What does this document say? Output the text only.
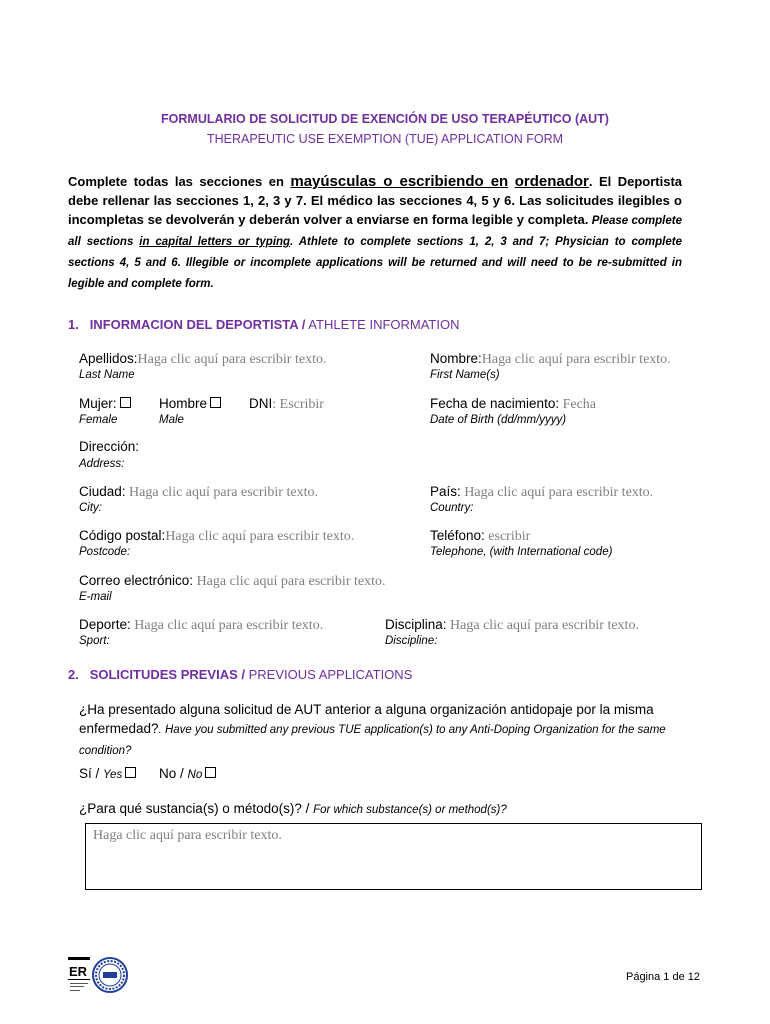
FORMULARIO DE SOLICITUD DE EXENCIÓN DE USO TERAPÉUTICO (AUT)
THERAPEUTIC USE EXEMPTION (TUE) APPLICATION FORM
Complete todas las secciones en mayúsculas o escribiendo en ordenador. El Deportista debe rellenar las secciones 1, 2, 3 y 7. El médico las secciones 4, 5 y 6. Las solicitudes ilegibles o incompletas se devolverán y deberán volver a enviarse en forma legible y completa. Please complete all sections in capital letters or typing. Athlete to complete sections 1, 2, 3 and 7; Physician to complete sections 4, 5 and 6. Illegible or incomplete applications will be returned and will need to be re-submitted in legible and complete form.
1. INFORMACION DEL DEPORTISTA / ATHLETE INFORMATION
Apellidos:Haga clic aquí para escribir texto.
Last Name
Nombre:Haga clic aquí para escribir texto.
First Name(s)
Mujer:
Female
Hombre
Male
DNI: Escribir	Fecha de nacimiento: Fecha
Date of Birth (dd/mm/yyyy)
Dirección:
Address:
Ciudad: Haga clic aquí para escribir texto.
City:
País: Haga clic aquí para escribir texto.
Country:
Código postal:Haga clic aquí para escribir texto.
Postcode:
Teléfono: escribir
Telephone, (with International code)
Correo electrónico: Haga clic aquí para escribir texto.
E-mail
Deporte: Haga clic aquí para escribir texto.
Sport:
Disciplina: Haga clic aquí para escribir texto.
Discipline:
2. SOLICITUDES PREVIAS / PREVIOUS APPLICATIONS
¿Ha presentado alguna solicitud de AUT anterior a alguna organización antidopaje por la misma enfermedad?. Have you submitted any previous TUE application(s) to any Anti-Doping Organization for the same condition?
Sí / Yes	No / No
¿Para qué sustancia(s) o método(s)? / For which substance(s) or method(s)?
Haga clic aquí para escribir texto.
ER	Página 1 de 12
